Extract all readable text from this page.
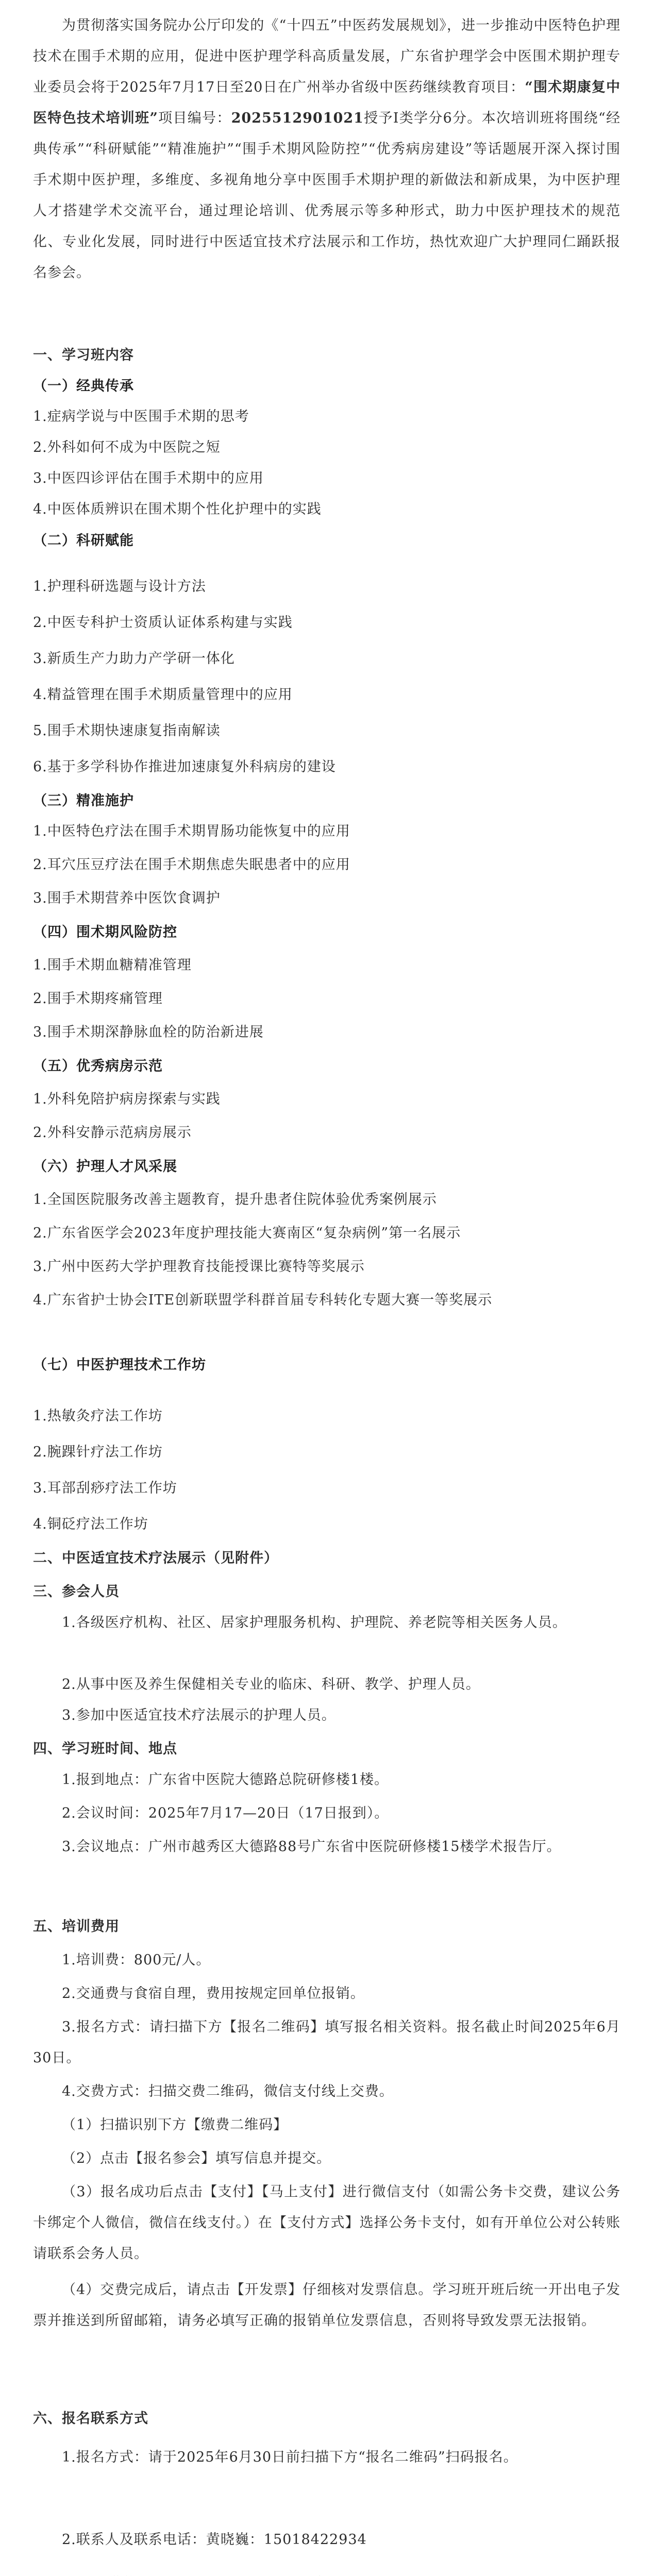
为贯彻落实国务院办公厅印发的《“十四五”中医药发展规划》，进一步推动中医特色护理技术在围手术期的应用，促进中医护理学科高质量发展，广东省护理学会中医围术期护理专业委员会将于2025年7月17日至20日在广州举办省级中医药继续教育项目：“围术期康复中医特色技术培训班”项目编号：2025512901021授予Ⅰ类学分6分。本次培训班将围绕“经典传承”“科研赋能”“精准施护”“围手术期风险防控”“优秀病房建设”等话题展开深入探讨围手术期中医护理，多维度、多视角地分享中医围手术期护理的新做法和新成果，为中医护理人才搭建学术交流平台，通过理论培训、优秀展示等多种形式，助力中医护理技术的规范化、专业化发展，同时进行中医适宜技术疗法展示和工作坊，热忱欢迎广大护理同仁踊跃报名参会。

一、学习班内容
（一）经典传承
1.症病学说与中医围手术期的思考
2.外科如何不成为中医院之短
3.中医四诊评估在围手术期中的应用
4.中医体质辨识在围术期个性化护理中的实践
（二）科研赋能
1.护理科研选题与设计方法
2.中医专科护士资质认证体系构建与实践
3.新质生产力助力产学研一体化
4.精益管理在围手术期质量管理中的应用
5.围手术期快速康复指南解读
6.基于多学科协作推进加速康复外科病房的建设
（三）精准施护
1.中医特色疗法在围手术期胃肠功能恢复中的应用
2.耳穴压豆疗法在围手术期焦虑失眠患者中的应用
3.围手术期营养中医饮食调护
（四）围术期风险防控
1.围手术期血糖精准管理
2.围手术期疼痛管理
3.围手术期深静脉血栓的防治新进展
（五）优秀病房示范
1.外科免陪护病房探索与实践
2.外科安静示范病房展示
（六）护理人才风采展
1.全国医院服务改善主题教育，提升患者住院体验优秀案例展示
2.广东省医学会2023年度护理技能大赛南区“复杂病例”第一名展示
3.广州中医药大学护理教育技能授课比赛特等奖展示
4.广东省护士协会ITE创新联盟学科群首届专科转化专题大赛一等奖展示
（七）中医护理技术工作坊
1.热敏灸疗法工作坊
2.腕踝针疗法工作坊
3.耳部刮痧疗法工作坊
4.铜砭疗法工作坊
二、中医适宜技术疗法展示（见附件）
三、参会人员
1.各级医疗机构、社区、居家护理服务机构、护理院、养老院等相关医务人员。
2.从事中医及养生保健相关专业的临床、科研、教学、护理人员。
3.参加中医适宜技术疗法展示的护理人员。
四、学习班时间、地点
1.报到地点：广东省中医院大德路总院研修楼1楼。
2.会议时间：2025年7月17—20日（17日报到）。
3.会议地点：广州市越秀区大德路88号广东省中医院研修楼15楼学术报告厅。
五、培训费用
1.培训费：800元/人。
2.交通费与食宿自理，费用按规定回单位报销。
3.报名方式：请扫描下方【报名二维码】填写报名相关资料。报名截止时间2025年6月30日。
4.交费方式：扫描交费二维码，微信支付线上交费。
（1）扫描识别下方【缴费二维码】
（2）点击【报名参会】填写信息并提交。
（3）报名成功后点击【支付】【马上支付】进行微信支付（如需公务卡交费，建议公务卡绑定个人微信，微信在线支付。）在【支付方式】选择公务卡支付，如有开单位公对公转账请联系会务人员。
（4）交费完成后，请点击【开发票】仔细核对发票信息。学习班开班后统一开出电子发票并推送到所留邮箱，请务必填写正确的报销单位发票信息，否则将导致发票无法报销。
六、报名联系方式
1.报名方式：请于2025年6月30日前扫描下方“报名二维码”扫码报名。
2.联系人及联系电话：黄晓巍：15018422934
